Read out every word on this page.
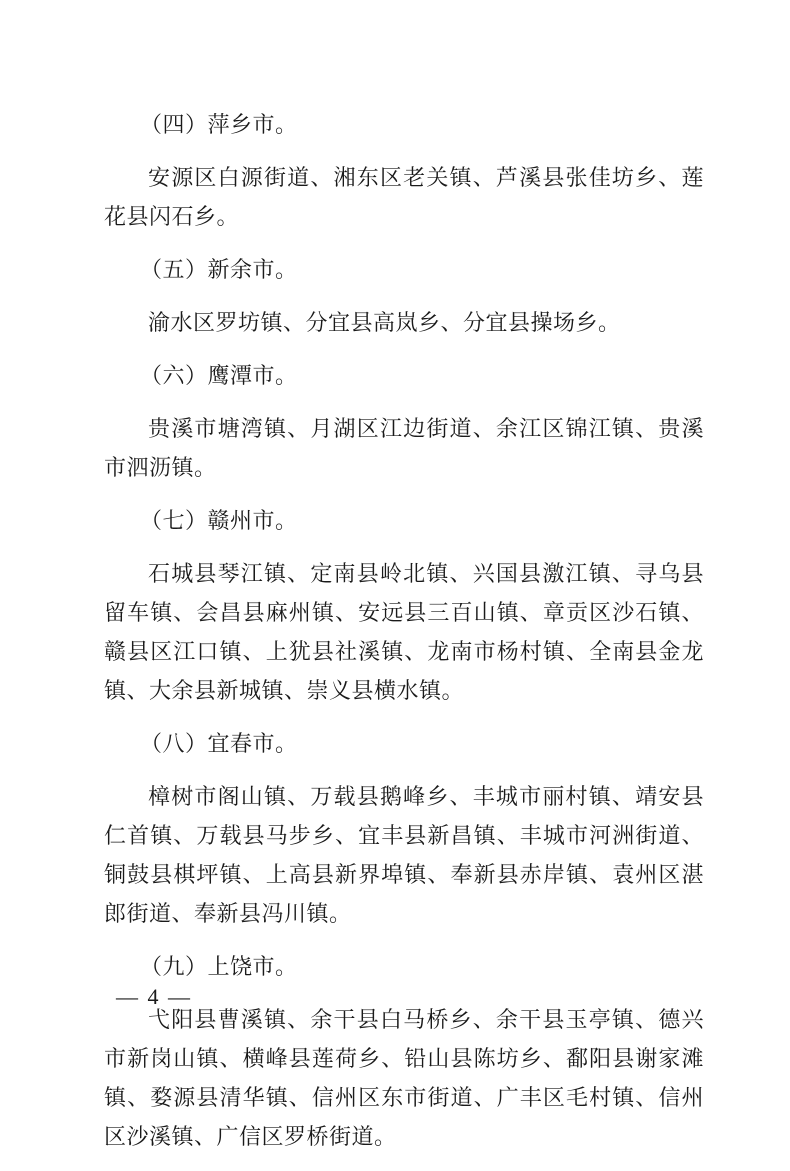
（四）萍乡市。

安源区白源街道、湘东区老关镇、芦溪县张佳坊乡、莲花县闪石乡。

（五）新余市。

渝水区罗坊镇、分宜县高岚乡、分宜县操场乡。

（六）鹰潭市。

贵溪市塘湾镇、月湖区江边街道、余江区锦江镇、贵溪市泗沥镇。

（七）赣州市。

石城县琴江镇、定南县岭北镇、兴国县激江镇、寻乌县留车镇、会昌县麻州镇、安远县三百山镇、章贡区沙石镇、赣县区江口镇、上犹县社溪镇、龙南市杨村镇、全南县金龙镇、大余县新城镇、崇义县横水镇。

（八）宜春市。

樟树市阁山镇、万载县鹅峰乡、丰城市丽村镇、靖安县仁首镇、万载县马步乡、宜丰县新昌镇、丰城市河洲街道、铜鼓县棋坪镇、上高县新界埠镇、奉新县赤岸镇、袁州区湛郎街道、奉新县冯川镇。

（九）上饶市。

弋阳县曹溪镇、余干县白马桥乡、余干县玉亭镇、德兴市新岗山镇、横峰县莲荷乡、铅山县陈坊乡、鄱阳县谢家滩镇、婺源县清华镇、信州区东市街道、广丰区毛村镇、信州区沙溪镇、广信区罗桥街道。

— 4 —
